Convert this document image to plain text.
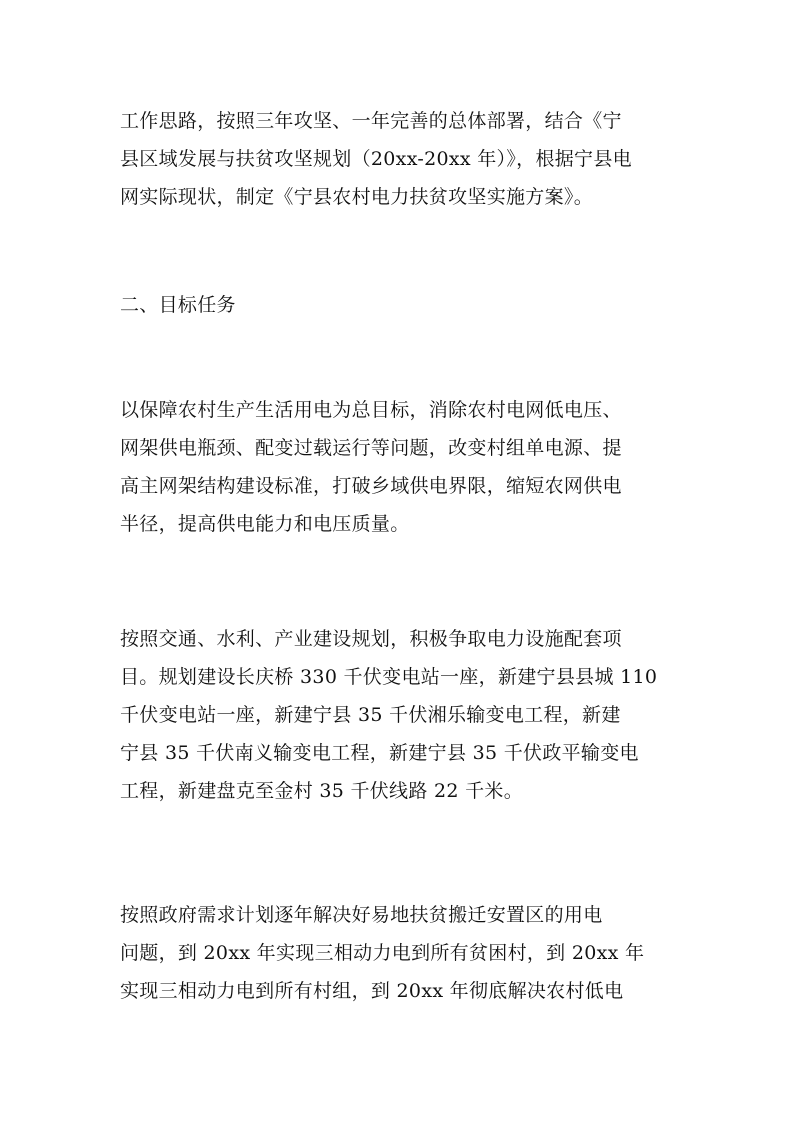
工作思路，按照三年攻坚、一年完善的总体部署，结合《宁
县区域发展与扶贫攻坚规划（20xx-20xx 年）》，根据宁县电
网实际现状，制定《宁县农村电力扶贫攻坚实施方案》。
二、目标任务
以保障农村生产生活用电为总目标，消除农村电网低电压、
网架供电瓶颈、配变过载运行等问题，改变村组单电源、提
高主网架结构建设标准，打破乡域供电界限，缩短农网供电
半径，提高供电能力和电压质量。
按照交通、水利、产业建设规划，积极争取电力设施配套项
目。规划建设长庆桥 330 千伏变电站一座，新建宁县县城 110
千伏变电站一座，新建宁县 35 千伏湘乐输变电工程，新建
宁县 35 千伏南义输变电工程，新建宁县 35 千伏政平输变电
工程，新建盘克至金村 35 千伏线路 22 千米。
按照政府需求计划逐年解决好易地扶贫搬迁安置区的用电
问题，到 20xx 年实现三相动力电到所有贫困村，到 20xx 年
实现三相动力电到所有村组，到 20xx 年彻底解决农村低电
